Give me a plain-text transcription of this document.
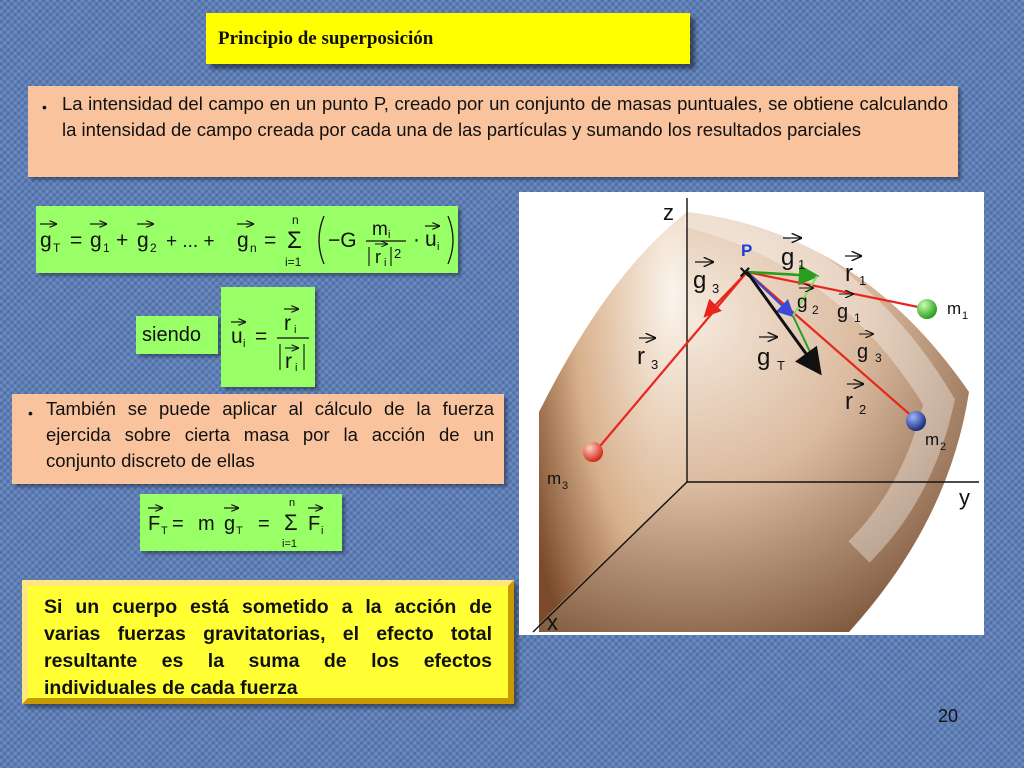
Principio de superposición
• La intensidad del campo en un punto P, creado por un conjunto de masas puntuales, se obtiene calculando la intensidad de campo creada por cada una de las partículas y sumando los resultados parciales
g T = g 1 + g 2 + ... + g n =
n
Σ
i=1
−G m i
r i
2
· u i
siendo u i =
r i
r i
• También se puede aplicar al cálculo de la fuerza ejercida sobre cierta masa por la acción de un conjunto discreto de ellas
F T = m g T =
n
Σ
i=1
F i
Si un cuerpo está sometido a la acción de varias fuerzas gravitatorias, el efecto total resultante es la suma de los efectos individuales de cada fuerza
z
y
x
×
P g 1 r 1
g 3
g 2 g 1
g T
g 3
r 3
r 2
m 1
m 2
m 3
20
